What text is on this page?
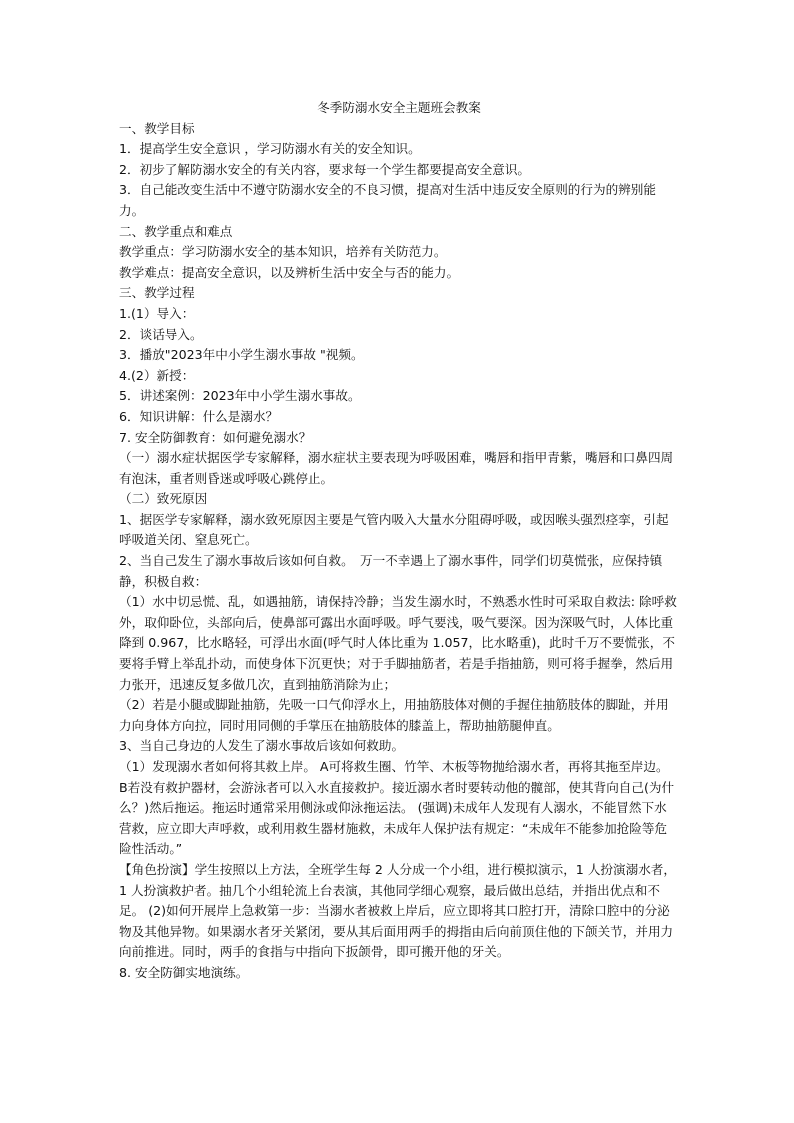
冬季防溺水安全主题班会教案

一、教学目标

1．提高学生安全意识 ，学习防溺水有关的安全知识。

2．初步了解防溺水安全的有关内容，要求每一个学生都要提高安全意识。

3．自己能改变生活中不遵守防溺水安全的不良习惯，提高对生活中违反安全原则的行为的辨别能力。

二、教学重点和难点

教学重点：学习防溺水安全的基本知识，培养有关防范力。

教学难点：提高安全意识，以及辨析生活中安全与否的能力。

三、教学过程

1.(1）导入：

2．谈话导入。

3．播放"2023年中小学生溺水事故 "视频。

4.(2）新授：

5．讲述案例：2023年中小学生溺水事故。

6．知识讲解：什么是溺水？

7. 安全防御教育：如何避免溺水？

（一）溺水症状据医学专家解释，溺水症状主要表现为呼吸困难，嘴唇和指甲青紫，嘴唇和口鼻四周有泡沫，重者则昏迷或呼吸心跳停止。

（二）致死原因

1、据医学专家解释，溺水致死原因主要是气管内吸入大量水分阻碍呼吸，或因喉头强烈痉挛，引起呼吸道关闭、窒息死亡。

2、当自己发生了溺水事故后该如何自救。　万一不幸遇上了溺水事件，同学们切莫慌张，应保持镇静，积极自救：

（1）水中切忌慌、乱，如遇抽筋，请保持冷静；当发生溺水时，不熟悉水性时可采取自救法: 除呼救外，取仰卧位，头部向后，使鼻部可露出水面呼吸。呼气要浅，吸气要深。因为深吸气时，人体比重降到 0.967，比水略轻，可浮出水面(呼气时人体比重为 1.057，比水略重)，此时千万不要慌张，不要将手臂上举乱扑动，而使身体下沉更快；对于手脚抽筋者，若是手指抽筋，则可将手握拳，然后用力张开，迅速反复多做几次，直到抽筋消除为止；

（2）若是小腿或脚趾抽筋，先吸一口气仰浮水上，用抽筋肢体对侧的手握住抽筋肢体的脚趾，并用力向身体方向拉，同时用同侧的手掌压在抽筋肢体的膝盖上，帮助抽筋腿伸直。

3、当自己身边的人发生了溺水事故后该如何救助。

（1）发现溺水者如何将其救上岸。 A可将救生圈、竹竿、木板等物抛给溺水者，再将其拖至岸边。 B若没有救护器材，会游泳者可以入水直接救护。接近溺水者时要转动他的髋部，使其背向自己(为什么？)然后拖运。拖运时通常采用侧泳或仰泳拖运法。 (强调)未成年人发现有人溺水，不能冒然下水营救，应立即大声呼救，或利用救生器材施救，未成年人保护法有规定：“未成年不能参加抢险等危险性活动。”

【角色扮演】学生按照以上方法，全班学生每 2 人分成一个小组，进行模拟演示，1 人扮演溺水者，1 人扮演救护者。抽几个小组轮流上台表演，其他同学细心观察，最后做出总结，并指出优点和不足。 (2)如何开展岸上急救第一步：当溺水者被救上岸后，应立即将其口腔打开，清除口腔中的分泌物及其他异物。如果溺水者牙关紧闭，要从其后面用两手的拇指由后向前顶住他的下颌关节，并用力向前推进。同时，两手的食指与中指向下扳颌骨，即可搬开他的牙关。

8. 安全防御实地演练。
